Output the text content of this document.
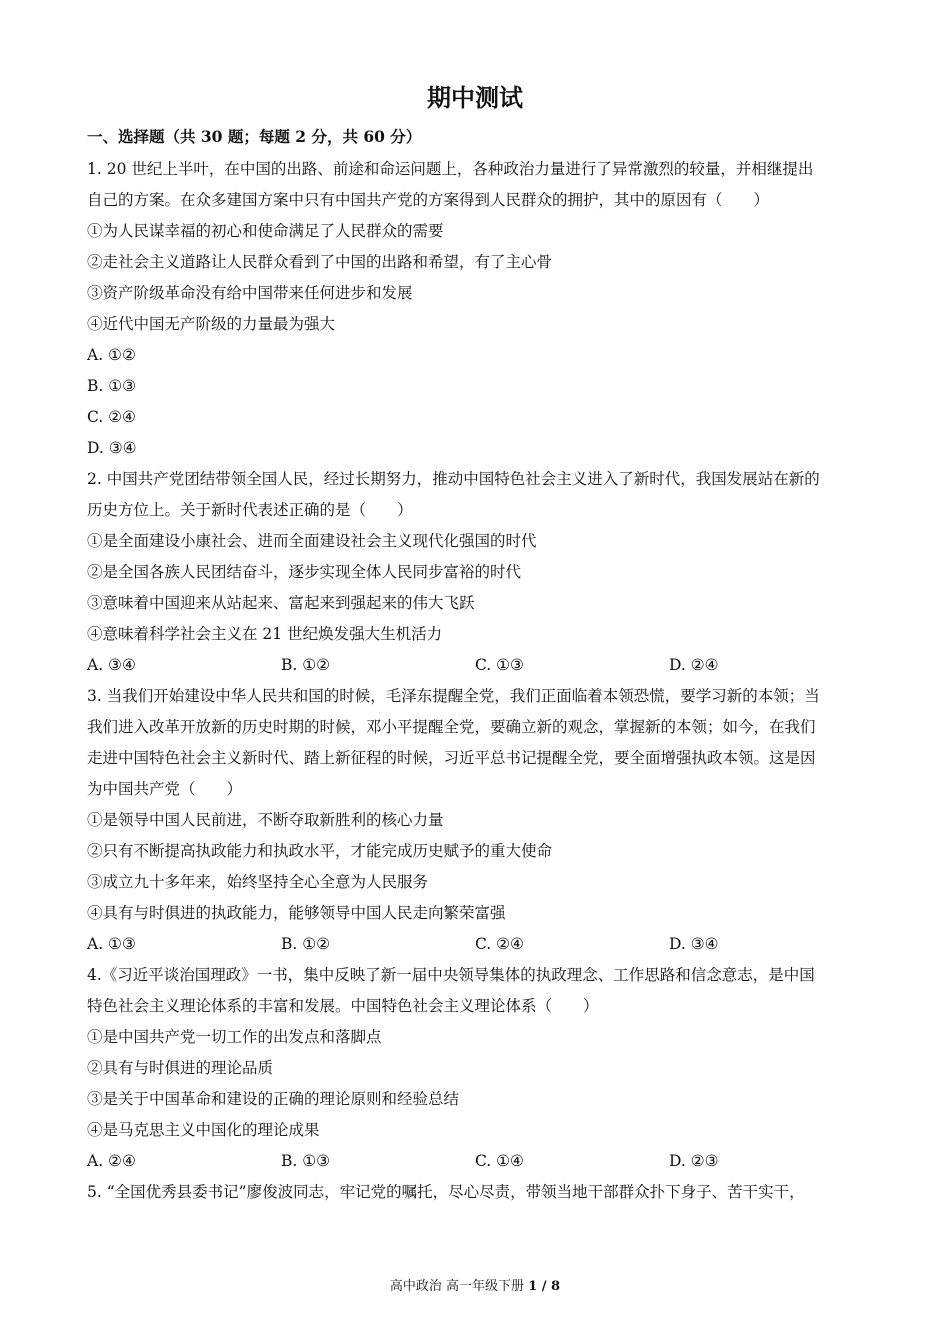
期中测试
一、选择题（共 30 题；每题 2 分，共 60 分）
1. 20 世纪上半叶，在中国的出路、前途和命运问题上，各种政治力量进行了异常激烈的较量，并相继提出
自己的方案。在众多建国方案中只有中国共产党的方案得到人民群众的拥护，其中的原因有（　　）
①为人民谋幸福的初心和使命满足了人民群众的需要
②走社会主义道路让人民群众看到了中国的出路和希望，有了主心骨
③资产阶级革命没有给中国带来任何进步和发展
④近代中国无产阶级的力量最为强大
A. ①②
B. ①③
C. ②④
D. ③④
2. 中国共产党团结带领全国人民，经过长期努力，推动中国特色社会主义进入了新时代，我国发展站在新的
历史方位上。关于新时代表述正确的是（　　）
①是全面建设小康社会、进而全面建设社会主义现代化强国的时代
②是全国各族人民团结奋斗，逐步实现全体人民同步富裕的时代
③意味着中国迎来从站起来、富起来到强起来的伟大飞跃
④意味着科学社会主义在 21 世纪焕发强大生机活力
A. ③④	B. ①②	C. ①③	D. ②④
3. 当我们开始建设中华人民共和国的时候，毛泽东提醒全党，我们正面临着本领恐慌，要学习新的本领；当
我们进入改革开放新的历史时期的时候，邓小平提醒全党，要确立新的观念，掌握新的本领；如今，在我们
走进中国特色社会主义新时代、踏上新征程的时候，习近平总书记提醒全党，要全面增强执政本领。这是因
为中国共产党（　　）
①是领导中国人民前进，不断夺取新胜利的核心力量
②只有不断提高执政能力和执政水平，才能完成历史赋予的重大使命
③成立九十多年来，始终坚持全心全意为人民服务
④具有与时俱进的执政能力，能够领导中国人民走向繁荣富强
A. ①③	B. ①②	C. ②④	D. ③④
4.《习近平谈治国理政》一书，集中反映了新一届中央领导集体的执政理念、工作思路和信念意志，是中国
特色社会主义理论体系的丰富和发展。中国特色社会主义理论体系（　　）
①是中国共产党一切工作的出发点和落脚点
②具有与时俱进的理论品质
③是关于中国革命和建设的正确的理论原则和经验总结
④是马克思主义中国化的理论成果
A. ②④	B. ①③	C. ①④	D. ②③
5. “全国优秀县委书记”廖俊波同志，牢记党的嘱托，尽心尽责，带领当地干部群众扑下身子、苦干实干，
高中政治 高一年级下册 1 / 8
